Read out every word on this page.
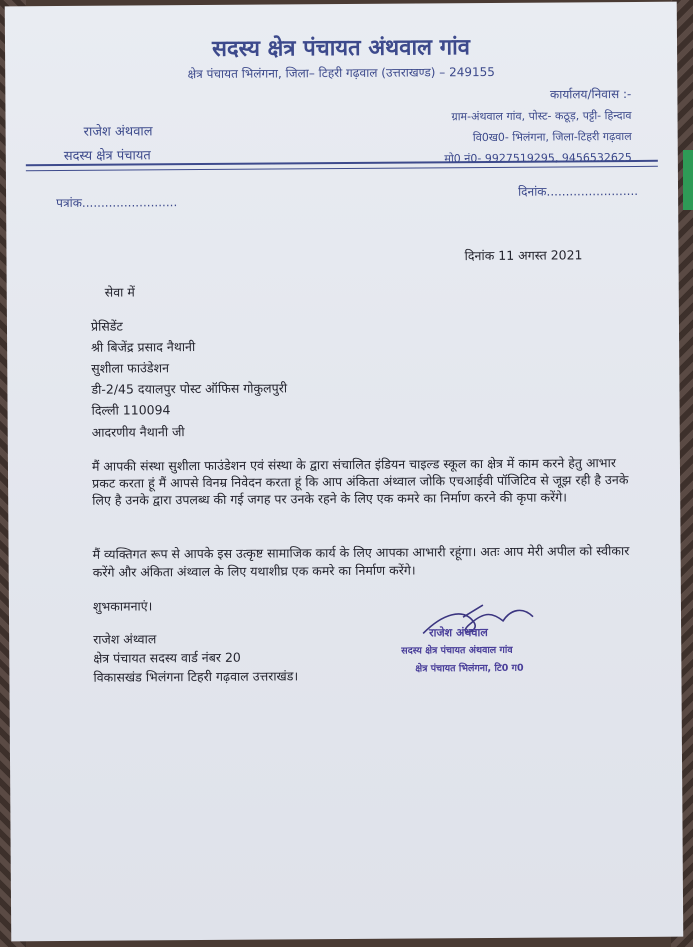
सदस्य क्षेत्र पंचायत अंथवाल गांव
क्षेत्र पंचायत भिलंगना, जिला– टिहरी गढ़वाल (उत्तराखण्ड) – 249155
राजेश अंथवाल
सदस्य क्षेत्र पंचायत
कार्यालय/निवास :-
ग्राम-अंथवाल गांव, पोस्ट- कठूड़, पट्टी- हिन्दाव
वि0ख0- भिलंगना, जिला-टिहरी गढ़वाल
मो0 नं0- 9927519295, 9456532625
पत्रांक.........................
दिनांक........................
दिनांक 11 अगस्त 2021
सेवा में
प्रेसिडेंट
श्री बिजेंद्र प्रसाद नैथानी
सुशीला फाउंडेशन
डी-2/45 दयालपुर पोस्ट ऑफिस गोकुलपुरी
दिल्ली 110094
आदरणीय नैथानी जी
मैं आपकी संस्था सुशीला फाउंडेशन एवं संस्था के द्वारा संचालित इंडियन चाइल्ड स्कूल का क्षेत्र में काम करने हेतु आभार प्रकट करता हूं मैं आपसे विनम्र निवेदन करता हूं कि आप अंकिता अंथ्वाल जोकि एचआईवी पॉजिटिव से जूझ रही है उनके लिए है उनके द्वारा उपलब्ध की गई जगह पर उनके रहने के लिए एक कमरे का निर्माण करने की कृपा करेंगे।
मैं व्यक्तिगत रूप से आपके इस उत्कृष्ट सामाजिक कार्य के लिए आपका आभारी रहूंगा। अतः आप मेरी अपील को स्वीकार करेंगे और अंकिता अंथ्वाल के लिए यथाशीघ्र एक कमरे का निर्माण करेंगे।
शुभकामनाएं।
राजेश अंथ्वाल
क्षेत्र पंचायत सदस्य वार्ड नंबर 20
विकासखंड भिलंगना टिहरी गढ़वाल उत्तराखंड।
राजेश अंथवाल
सदस्य क्षेत्र पंचायत अंथवाल गांव
क्षेत्र पंचायत भिलंगना, टि0 ग0
